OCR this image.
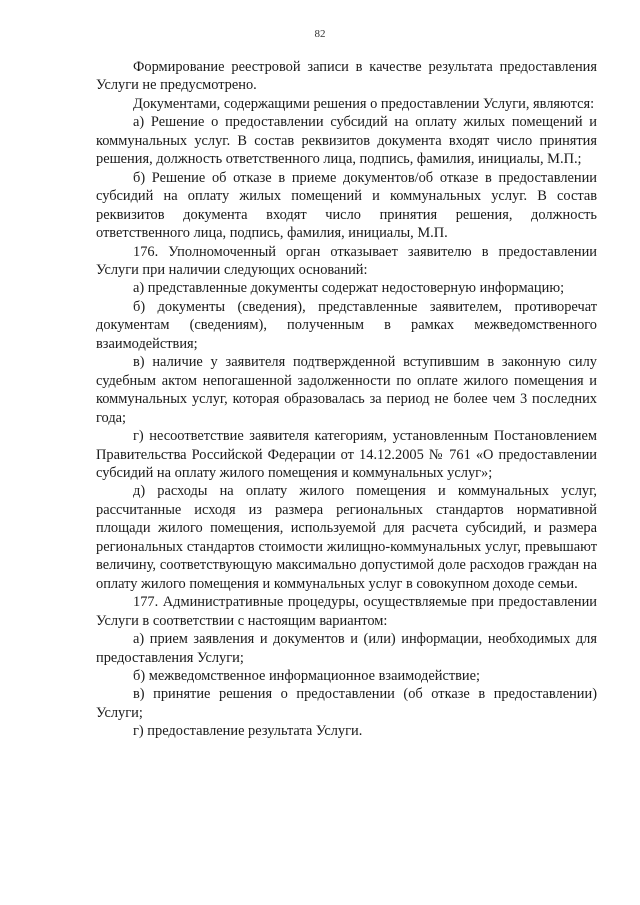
82

Формирование реестровой записи в качестве результата предоставления Услуги не предусмотрено.

Документами, содержащими решения о предоставлении Услуги, являются:

а) Решение о предоставлении субсидий на оплату жилых помещений и коммунальных услуг. В состав реквизитов документа входят число принятия решения, должность ответственного лица, подпись, фамилия, инициалы, М.П.;

б) Решение об отказе в приеме документов/об отказе в предоставлении субсидий на оплату жилых помещений и коммунальных услуг. В состав реквизитов документа входят число принятия решения, должность ответственного лица, подпись, фамилия, инициалы, М.П.

176. Уполномоченный орган отказывает заявителю в предоставлении Услуги при наличии следующих оснований:

а) представленные документы содержат недостоверную информацию;

б) документы (сведения), представленные заявителем, противоречат документам (сведениям), полученным в рамках межведомственного взаимодействия;

в) наличие у заявителя подтвержденной вступившим в законную силу судебным актом непогашенной задолженности по оплате жилого помещения и коммунальных услуг, которая образовалась за период не более чем 3 последних года;

г) несоответствие заявителя категориям, установленным Постановлением Правительства Российской Федерации от 14.12.2005 № 761 «О предоставлении субсидий на оплату жилого помещения и коммунальных услуг»;

д) расходы на оплату жилого помещения и коммунальных услуг, рассчитанные исходя из размера региональных стандартов нормативной площади жилого помещения, используемой для расчета субсидий, и размера региональных стандартов стоимости жилищно-коммунальных услуг, превышают величину, соответствующую максимально допустимой доле расходов граждан на оплату жилого помещения и коммунальных услуг в совокупном доходе семьи.

177. Административные процедуры, осуществляемые при предоставлении Услуги в соответствии с настоящим вариантом:

а) прием заявления и документов и (или) информации, необходимых для предоставления Услуги;

б) межведомственное информационное взаимодействие;

в) принятие решения о предоставлении (об отказе в предоставлении) Услуги;

г) предоставление результата Услуги.
